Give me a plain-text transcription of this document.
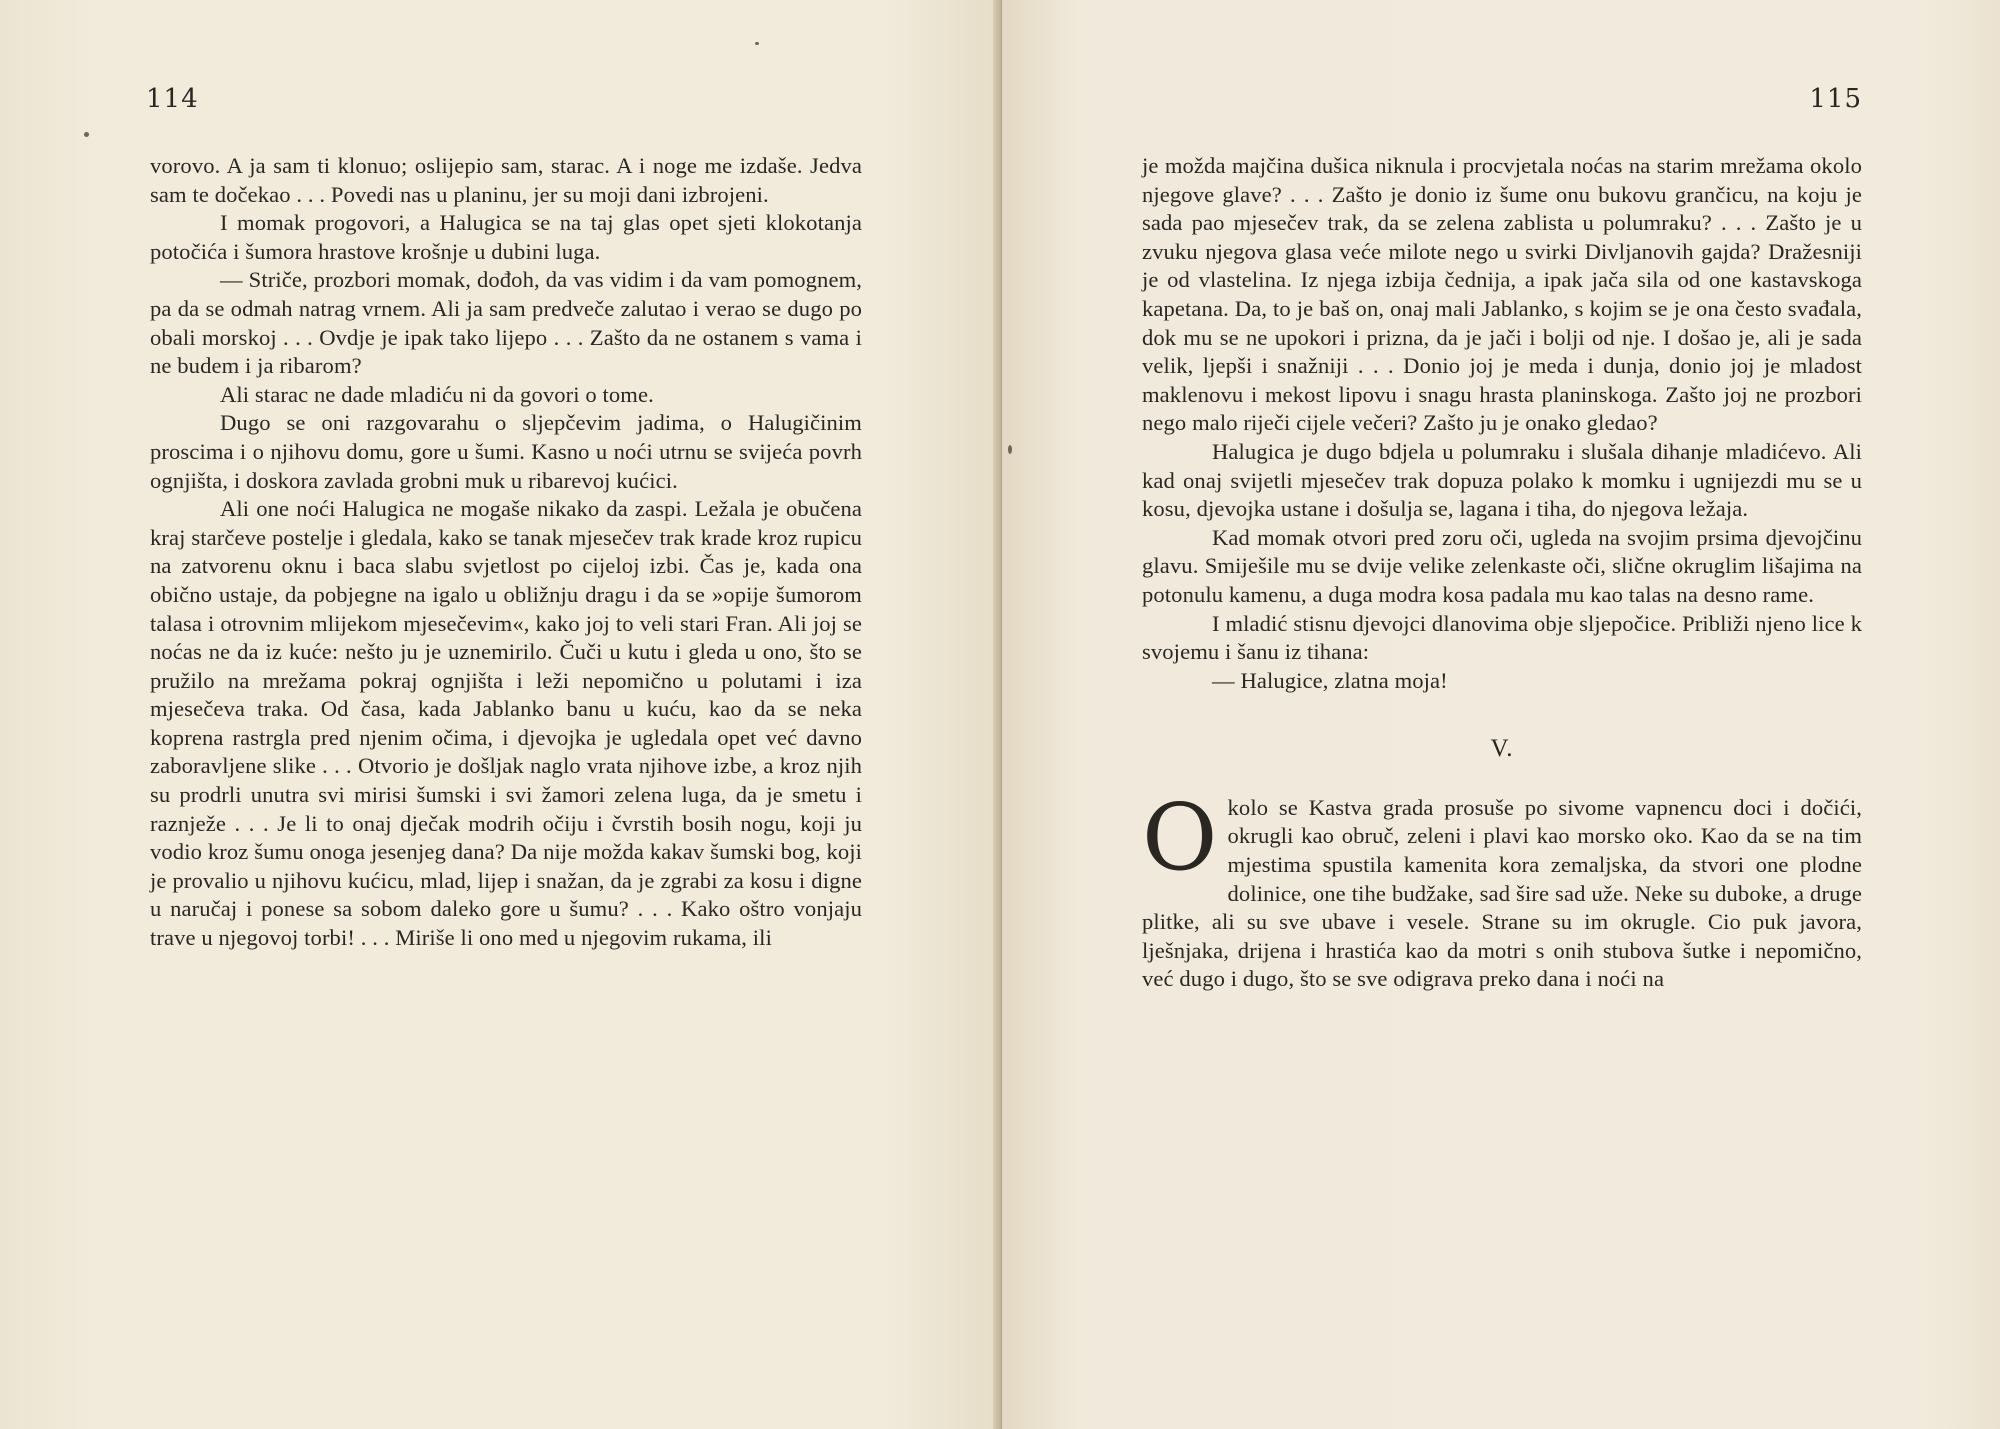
114

vorovo. A ja sam ti klonuo; oslijepio sam, starac. A i noge me izdaše. Jedva sam te dočekao . . . Povedi nas u planinu, jer su moji dani izbrojeni.

I momak progovori, a Halugica se na taj glas opet sjeti klokotanja potočića i šumora hrastove krošnje u dubini luga.

— Striče, prozbori momak, dođoh, da vas vidim i da vam pomognem, pa da se odmah natrag vrnem. Ali ja sam predveče zalutao i verao se dugo po obali morskoj . . . Ovdje je ipak tako lijepo . . . Zašto da ne ostanem s vama i ne budem i ja ribarom?

Ali starac ne dade mladiću ni da govori o tome.

Dugo se oni razgovarahu o sljepčevim jadima, o Halugičinim proscima i o njihovu domu, gore u šumi. Kasno u noći utrnu se svijeća povrh ognjišta, i doskora zavlada grobni muk u ribarevoj kućici.

Ali one noći Halugica ne mogaše nikako da zaspi. Ležala je obučena kraj starčeve postelje i gledala, kako se tanak mjesečev trak krade kroz rupicu na zatvorenu oknu i baca slabu svjetlost po cijeloj izbi. Čas je, kada ona obično ustaje, da pobjegne na igalo u obližnju dragu i da se »opije šumorom talasa i otrovnim mlijekom mjesečevim«, kako joj to veli stari Fran. Ali joj se noćas ne da iz kuće: nešto ju je uznemirilo. Čuči u kutu i gleda u ono, što se pružilo na mrežama pokraj ognjišta i leži nepomično u polutami i iza mjesečeva traka. Od časa, kada Jablanko banu u kuću, kao da se neka koprena rastrgla pred njenim očima, i djevojka je ugledala opet već davno zaboravljene slike . . . Otvorio je došljak naglo vrata njihove izbe, a kroz njih su prodrli unutra svi mirisi šumski i svi žamori zelena luga, da je smetu i raznježe . . . Je li to onaj dječak modrih očiju i čvrstih bosih nogu, koji ju vodio kroz šumu onoga jesenjeg dana? Da nije možda kakav šumski bog, koji je provalio u njihovu kućicu, mlad, lijep i snažan, da je zgrabi za kosu i digne u naručaj i ponese sa sobom daleko gore u šumu? . . . Kako oštro vonjaju trave u njegovoj torbi! . . . Miriše li ono med u njegovim rukama, ili

115

je možda majčina dušica niknula i procvjetala noćas na starim mrežama okolo njegove glave? . . . Zašto je donio iz šume onu bukovu grančicu, na koju je sada pao mjesečev trak, da se zelena zablista u polumraku? . . . Zašto je u zvuku njegova glasa veće milote nego u svirki Divljanovih gajda? Dražesniji je od vlastelina. Iz njega izbija čednija, a ipak jača sila od one kastavskoga kapetana. Da, to je baš on, onaj mali Jablanko, s kojim se je ona često svađala, dok mu se ne upokori i prizna, da je jači i bolji od nje. I došao je, ali je sada velik, ljepši i snažniji . . . Donio joj je meda i dunja, donio joj je mladost maklenovu i mekost lipovu i snagu hrasta planinskoga. Zašto joj ne prozbori nego malo riječi cijele večeri? Zašto ju je onako gledao?

Halugica je dugo bdjela u polumraku i slušala dihanje mladićevo. Ali kad onaj svijetli mjesečev trak dopuza polako k momku i ugnijezdi mu se u kosu, djevojka ustane i došulja se, lagana i tiha, do njegova ležaja.

Kad momak otvori pred zoru oči, ugleda na svojim prsima djevojčinu glavu. Smiješile mu se dvije velike zelenkaste oči, slične okruglim lišajima na potonulu kamenu, a duga modra kosa padala mu kao talas na desno rame.

I mladić stisnu djevojci dlanovima obje sljepočice. Približi njeno lice k svojemu i šanu iz tihana:

— Halugice, zlatna moja!

V.

Okolo se Kastva grada prosuše po sivome vapnencu doci i dočići, okrugli kao obruč, zeleni i plavi kao morsko oko. Kao da se na tim mjestima spustila kamenita kora zemaljska, da stvori one plodne dolinice, one tihe budžake, sad šire sad uže. Neke su duboke, a druge plitke, ali su sve ubave i vesele. Strane su im okrugle. Cio puk javora, lješnjaka, drijena i hrastića kao da motri s onih stubova šutke i nepomično, već dugo i dugo, što se sve odigrava preko dana i noći na
